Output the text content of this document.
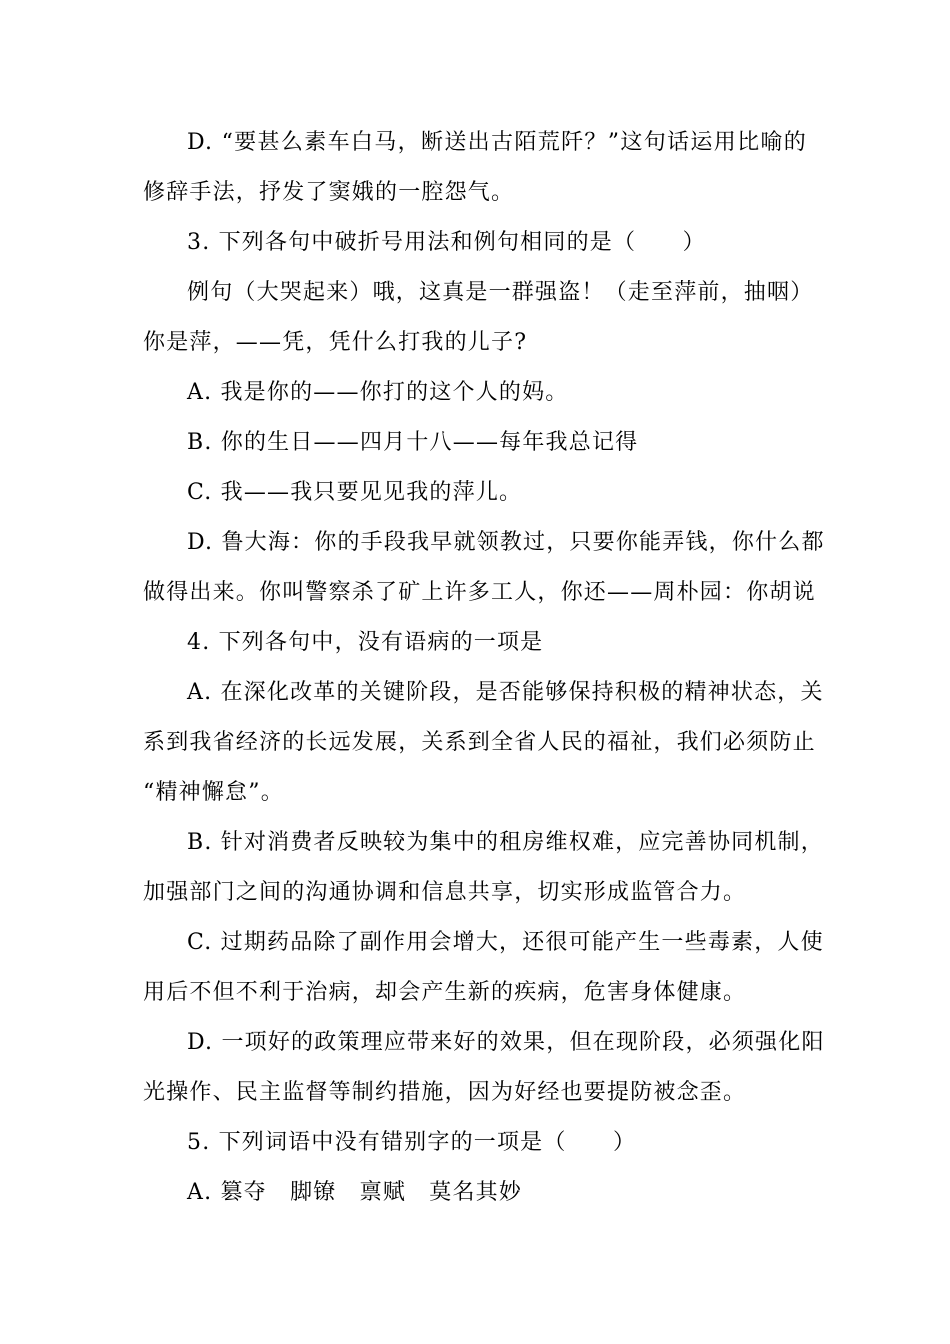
D. “要甚么素车白马，断送出古陌荒阡？”这句话运用比喻的
修辞手法，抒发了窦娥的一腔怨气。
3. 下列各句中破折号用法和例句相同的是（　　）
例句（大哭起来）哦，这真是一群强盗！（走至萍前，抽咽）
你是萍，——凭，凭什么打我的儿子?
A. 我是你的——你打的这个人的妈。
B. 你的生日——四月十八——每年我总记得
C. 我——我只要见见我的萍儿。
D. 鲁大海：你的手段我早就领教过，只要你能弄钱，你什么都
做得出来。你叫警察杀了矿上许多工人，你还——周朴园：你胡说
4. 下列各句中，没有语病的一项是
A. 在深化改革的关键阶段，是否能够保持积极的精神状态，关
系到我省经济的长远发展，关系到全省人民的福祉，我们必须防止
“精神懈怠”。
B. 针对消费者反映较为集中的租房维权难，应完善协同机制，
加强部门之间的沟通协调和信息共享，切实形成监管合力。
C. 过期药品除了副作用会增大，还很可能产生一些毒素，人使
用后不但不利于治病，却会产生新的疾病，危害身体健康。
D. 一项好的政策理应带来好的效果，但在现阶段，必须强化阳
光操作、民主监督等制约措施，因为好经也要提防被念歪。
5. 下列词语中没有错别字的一项是（　　）
A. 篡夺　脚镣　禀赋　莫名其妙
